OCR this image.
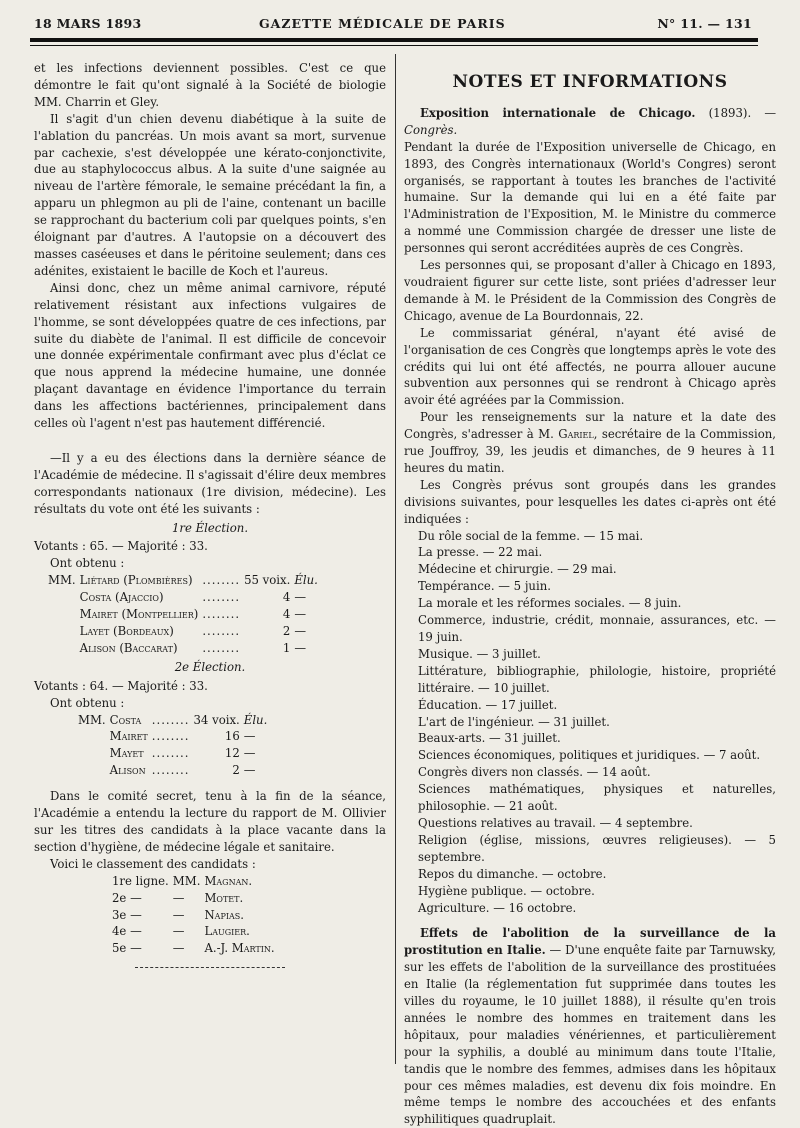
18 MARS 1893	GAZETTE MÉDICALE DE PARIS	N° 11. — 131

et les infections deviennent possibles. C'est ce que démontre le fait qu'ont signalé à la Société de biologie MM. Charrin et Gley.

Il s'agit d'un chien devenu diabétique à la suite de l'ablation du pancréas. Un mois avant sa mort, survenue par cachexie, s'est développée une kérato-conjonctivite, due au staphylococcus albus. A la suite d'une saignée au niveau de l'artère fémorale, le semaine précédant la fin, a apparu un phlegmon au pli de l'aine, contenant un bacille se rapprochant du bacterium coli par quelques points, s'en éloignant par d'autres. A l'autopsie on a découvert des masses caséeuses et dans le péritoine seulement; dans ces adénites, existaient le bacille de Koch et l'aureus.

Ainsi donc, chez un même animal carnivore, réputé relativement résistant aux infections vulgaires de l'homme, se sont développées quatre de ces infections, par suite du diabète de l'animal. Il est difficile de concevoir une donnée expérimentale confirmant avec plus d'éclat ce que nous apprend la médecine humaine, une donnée plaçant davantage en évidence l'importance du terrain dans les affections bactériennes, principalement dans celles où l'agent n'est pas hautement différencié.

—Il y a eu des élections dans la dernière séance de l'Académie de médecine. Il s'agissait d'élire deux membres correspondants nationaux (1re division, médecine). Les résultats du vote ont été les suivants :

1re Élection.

Votants : 65. — Majorité : 33.

Ont obtenu :

MM.	Liétard (Plombières)	........	55 voix.	Élu.
	Costa (Ajaccio)	........	4	—
	Mairet (Montpellier)	........	4	—
	Layet (Bordeaux)	........	2	—
	Alison (Baccarat)	........	1	—

2e Élection.

Votants : 64. — Majorité : 33.

Ont obtenu :

MM.	Costa	........	34 voix.	Élu.
	Mairet	........	16	—
	Mayet	........	12	—
	Alison	........	2	—

Dans le comité secret, tenu à la fin de la séance, l'Académie a entendu la lecture du rapport de M. Ollivier sur les titres des candidats à la place vacante dans la section d'hygiène, de médecine légale et sanitaire.

Voici le classement des candidats :

1re ligne.	MM.	Magnan.
2e —	—	Motet.
3e —	—	Napias.
4e —	—	Laugier.
5e —	—	A.-J. Martin.
NOTES ET INFORMATIONS

Exposition internationale de Chicago. (1893). — Congrès.

Pendant la durée de l'Exposition universelle de Chicago, en 1893, des Congrès internationaux (World's Congres) seront organisés, se rapportant à toutes les branches de l'activité humaine. Sur la demande qui lui en a été faite par l'Administration de l'Exposition, M. le Ministre du commerce a nommé une Commission chargée de dresser une liste de personnes qui seront accréditées auprès de ces Congrès.

Les personnes qui, se proposant d'aller à Chicago en 1893, voudraient figurer sur cette liste, sont priées d'adresser leur demande à M. le Président de la Commission des Congrès de Chicago, avenue de La Bourdonnais, 22.

Le commissariat général, n'ayant été avisé de l'organisation de ces Congrès que longtemps après le vote des crédits qui lui ont été affectés, ne pourra allouer aucune subvention aux personnes qui se rendront à Chicago après avoir été agréées par la Commission.

Pour les renseignements sur la nature et la date des Congrès, s'adresser à M. Gariel, secrétaire de la Commission, rue Jouffroy, 39, les jeudis et dimanches, de 9 heures à 11 heures du matin.

Les Congrès prévus sont groupés dans les grandes divisions suivantes, pour lesquelles les dates ci-après ont été indiquées :

Du rôle social de la femme. — 15 mai.

La presse. — 22 mai.

Médecine et chirurgie. — 29 mai.

Tempérance. — 5 juin.

La morale et les réformes sociales. — 8 juin.

Commerce, industrie, crédit, monnaie, assurances, etc. — 19 juin.

Musique. — 3 juillet.

Littérature, bibliographie, philologie, histoire, propriété littéraire. — 10 juillet.

Éducation. — 17 juillet.

L'art de l'ingénieur. — 31 juillet.

Beaux-arts. — 31 juillet.

Sciences économiques, politiques et juridiques. — 7 août.

Congrès divers non classés. — 14 août.

Sciences mathématiques, physiques et naturelles, philosophie. — 21 août.

Questions relatives au travail. — 4 septembre.

Religion (église, missions, œuvres religieuses). — 5 septembre.

Repos du dimanche. — octobre.

Hygiène publique. — octobre.

Agriculture. — 16 octobre.

Effets de l'abolition de la surveillance de la prostitution en Italie. — D'une enquête faite par Tarnuwsky, sur les effets de l'abolition de la surveillance des prostituées en Italie (la réglementation fut supprimée dans toutes les villes du royaume, le 10 juillet 1888), il résulte qu'en trois années le nombre des hommes en traitement dans les hôpitaux, pour maladies vénériennes, et particulièrement pour la syphilis, a doublé au minimum dans toute l'Italie, tandis que le nombre des femmes, admises dans les hôpitaux pour ces mêmes maladies, est devenu dix fois moindre. En même temps le nombre des accouchées et des enfants syphilitiques quadruplait.
